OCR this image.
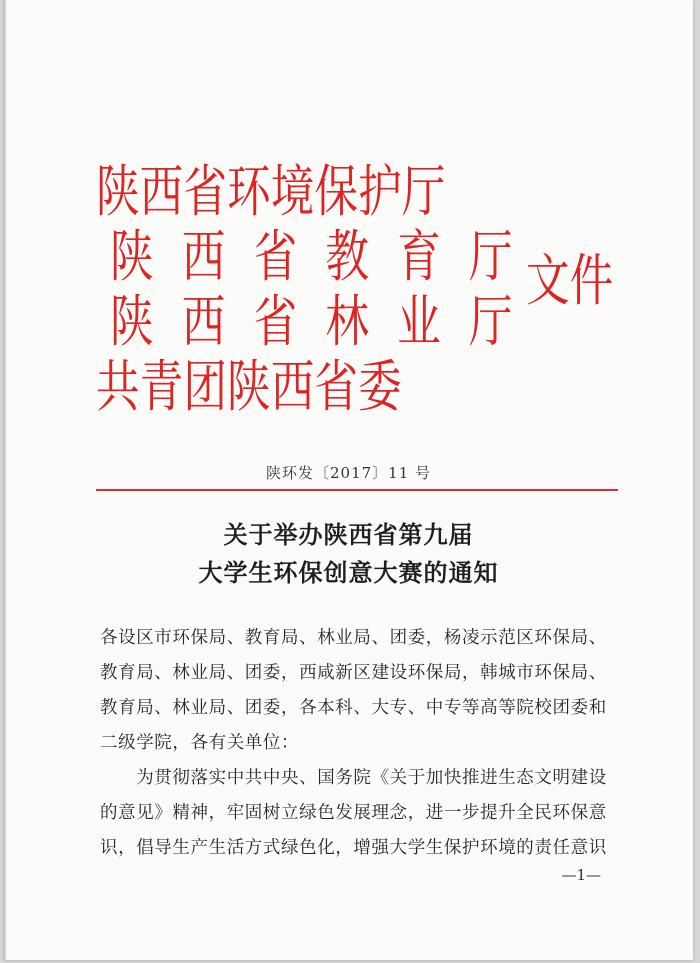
陕西省环境保护厅
陕 西 省 教 育 厅
陕 西 省 林 业 厅
共青团陕西省委
文件
陕环发〔2017〕11 号
关于举办陕西省第九届
大学生环保创意大赛的通知
各设区市环保局、教育局、林业局、团委，杨凌示范区环保局、
教育局、林业局、团委，西咸新区建设环保局，韩城市环保局、
教育局、林业局、团委，各本科、大专、中专等高等院校团委和
二级学院，各有关单位：
　　为贯彻落实中共中央、国务院《关于加快推进生态文明建设
的意见》精神，牢固树立绿色发展理念，进一步提升全民环保意
识，倡导生产生活方式绿色化，增强大学生保护环境的责任意识
—1—
